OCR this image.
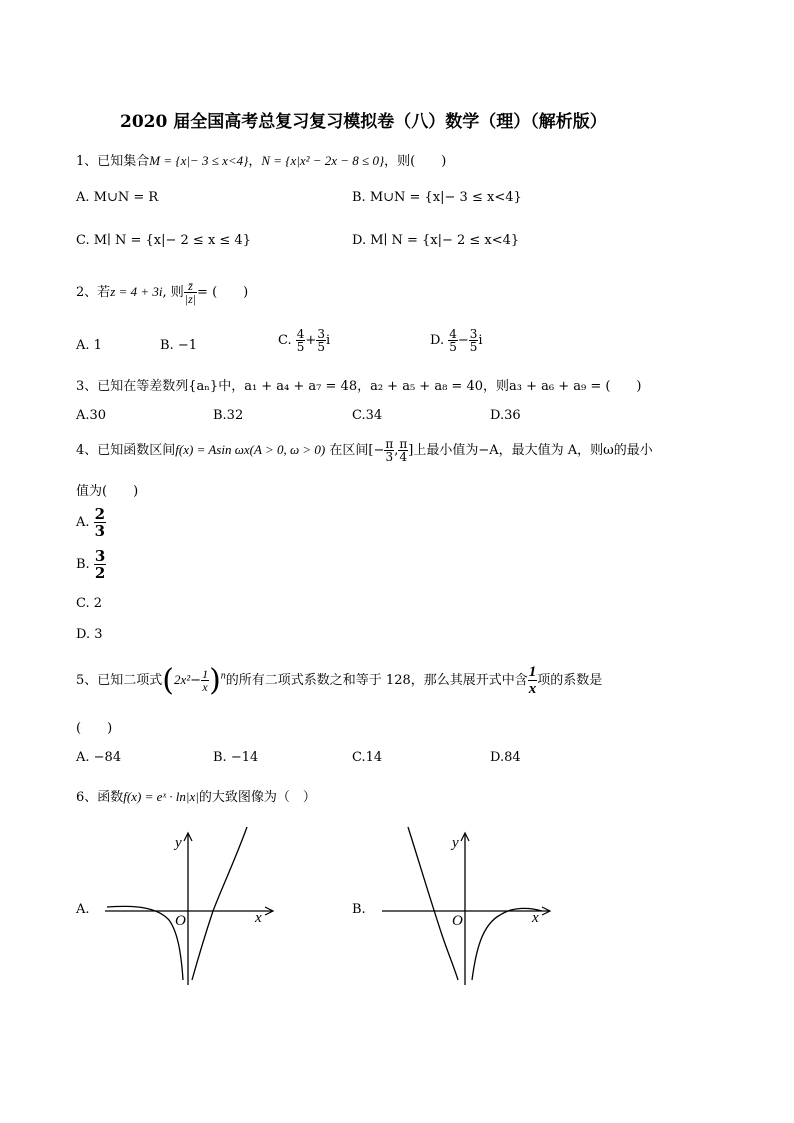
2020 届全国高考总复习复习模拟卷（八）数学（理）（解析版）
1、已知集合M = {x|− 3 ≤ x<4}，N = {x|x² − 2x − 8 ≤ 0}，则(　　)
A. M∪N = R	B. M∪N = {x|− 3 ≤ x<4}
C. M∣ N = {x|− 2 ≤ x ≤ 4}	D. M∣ N = {x|− 2 ≤ x<4}
2、若z = 4 + 3i, 则 $\frac{z̄}{|z|}$ = (　　)
A. 1	B. −1	C. $\frac{4}{5} + \frac{3}{5}$ i	D. $\frac{4}{5} - \frac{3}{5}$ i
3、已知在等差数列{aₙ}中，a₁ + a₄ + a₇ = 48，a₂ + a₅ + a₈ = 40，则a₃ + a₆ + a₉ = (　　)
A.30	B.32	C.34	D.36
4、已知函数区间f(x) = Asin ωx(A > 0, ω > 0) 在区间[− $\frac{\pi}{3}$ , $\frac{\pi}{4}$ ]上最小值为−A，最大值为 A，则ω的最小
值为(　　)
A. $\frac{2}{3}$
B. $\frac{3}{2}$
C. 2
D. 3
5、已知二项式$(2x^2- \frac{1}{x} )^n$的所有二项式系数之和等于 128，那么其展开式中含 $\frac{1}{x}$ 项的系数是
(　　)
A. −84	B. −14	C.14	D.84
6、函数f(x) = eˣ · ln|x|的大致图像为（　）
A.
y
x
O
B.
y
x
O
